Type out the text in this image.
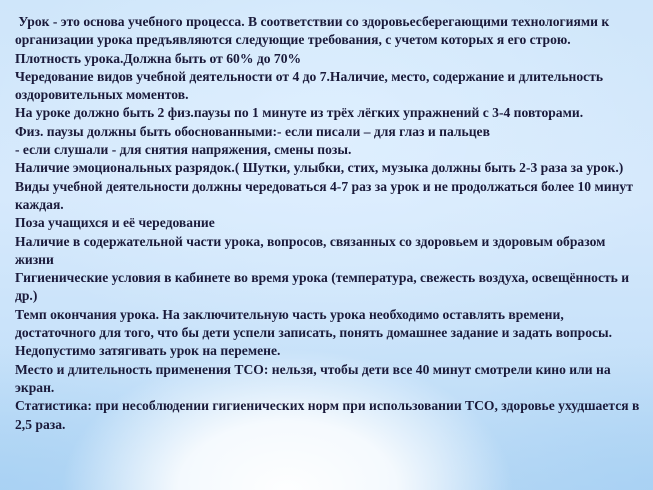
Урок - это основа учебного процесса. В соответствии со здоровьесберегающими технологиями к организации урока предъявляются следующие требования, с учетом которых я его строю.

Плотность урока.Должна быть от 60% до 70%

Чередование видов учебной деятельности от 4 до 7.Наличие, место, содержание и длительность оздоровительных моментов.

На уроке должно быть 2 физ.паузы по 1 минуте из трёх лёгких упражнений с 3-4 повторами.

Физ. паузы должны быть обоснованными:- если писали – для глаз и пальцев

- если слушали - для снятия напряжения, смены позы.

Наличие эмоциональных разрядок.( Шутки, улыбки, стих, музыка должны быть 2-3 раза за урок.)

Виды учебной деятельности должны чередоваться 4-7 раз за урок и не продолжаться более 10 минут каждая.

Поза учащихся и её чередование

Наличие в содержательной части урока, вопросов, связанных со здоровьем и здоровым образом жизни

Гигиенические условия в кабинете во время урока (температура, свежесть воздуха, освещённость и др.)

Темп окончания урока. На заключительную часть урока необходимо оставлять времени, достаточного для того, что бы дети успели записать, понять домашнее задание и задать вопросы. Недопустимо затягивать урок на перемене.

Место и длительность применения ТСО: нельзя, чтобы дети все 40 минут смотрели кино или на экран.

Статистика: при несоблюдении гигиенических норм при использовании ТСО, здоровье ухудшается в 2,5 раза.
